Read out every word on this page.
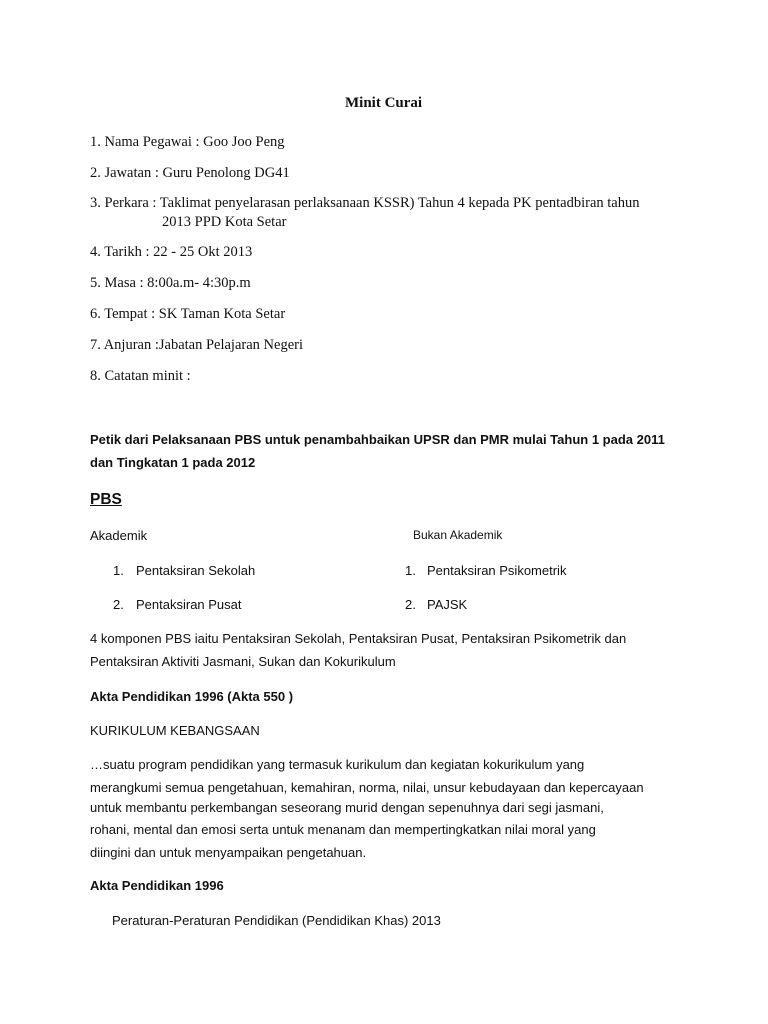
Minit Curai
1. Nama Pegawai : Goo Joo Peng
2. Jawatan : Guru Penolong DG41
3. Perkara : Taklimat penyelarasan perlaksanaan KSSR) Tahun 4 kepada PK pentadbiran tahun
2013 PPD Kota Setar
4. Tarikh : 22 - 25 Okt 2013
5. Masa : 8:00a.m- 4:30p.m
6. Tempat : SK Taman Kota Setar
7. Anjuran :Jabatan Pelajaran Negeri
8. Catatan minit :
Petik dari Pelaksanaan PBS untuk penambahbaikan UPSR dan PMR mulai Tahun 1 pada 2011
dan Tingkatan 1 pada 2012
PBS
Akademik	Bukan Akademik
1. Pentaksiran Sekolah
2. Pentaksiran Pusat
1. Pentaksiran Psikometrik
2. PAJSK
4 komponen PBS iaitu Pentaksiran Sekolah, Pentaksiran Pusat, Pentaksiran Psikometrik dan
Pentaksiran Aktiviti Jasmani, Sukan dan Kokurikulum
Akta Pendidikan 1996 (Akta 550 )
KURIKULUM KEBANGSAAN
…suatu program pendidikan yang termasuk kurikulum dan kegiatan kokurikulum yang
merangkumi semua pengetahuan, kemahiran, norma, nilai, unsur kebudayaan dan kepercayaan
untuk membantu perkembangan seseorang murid dengan sepenuhnya dari segi jasmani,
rohani, mental dan emosi serta untuk menanam dan mempertingkatkan nilai moral yang
diingini dan untuk menyampaikan pengetahuan.
Akta Pendidikan 1996
Peraturan-Peraturan Pendidikan (Pendidikan Khas) 2013
